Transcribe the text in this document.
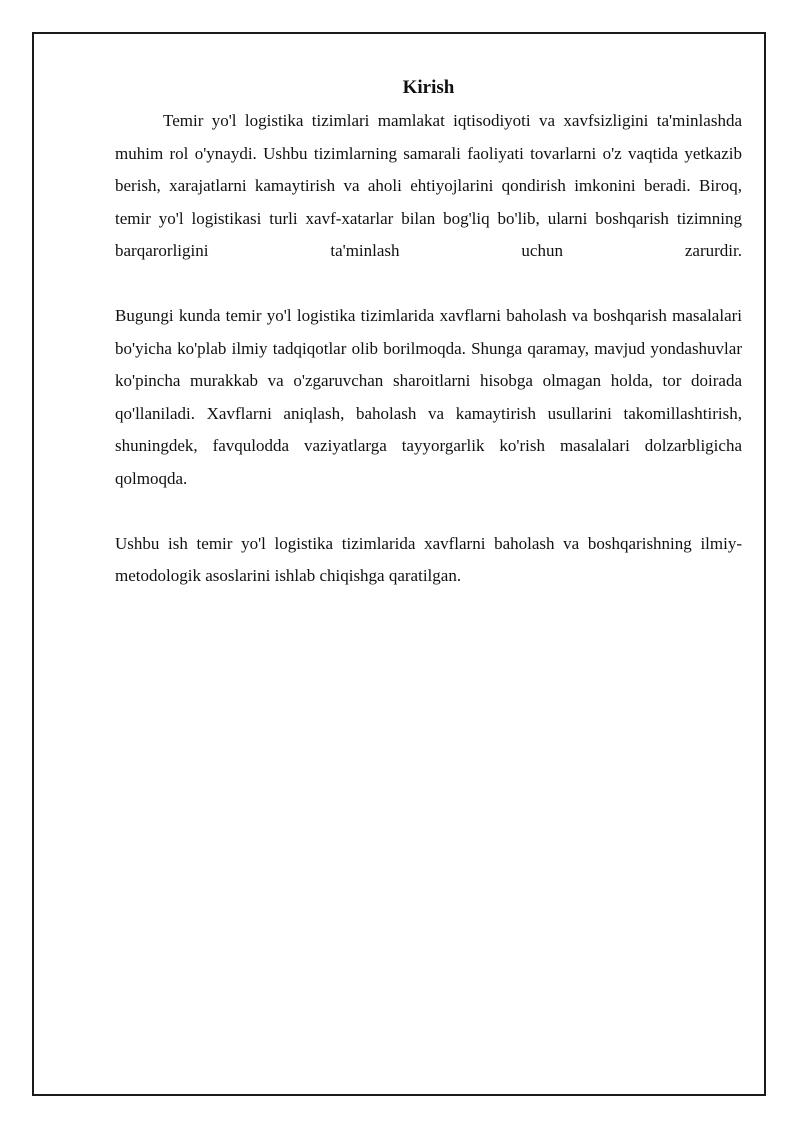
Kirish

Temir yo'l logistika tizimlari mamlakat iqtisodiyoti va xavfsizligini ta'minlashda muhim rol o'ynaydi. Ushbu tizimlarning samarali faoliyati tovarlarni o'z vaqtida yetkazib berish, xarajatlarni kamaytirish va aholi ehtiyojlarini qondirish imkonini beradi. Biroq, temir yo'l logistikasi turli xavf-xatarlar bilan bog'liq bo'lib, ularni boshqarish tizimning barqarorligini ta'minlash uchun zarurdir.

Bugungi kunda temir yo'l logistika tizimlarida xavflarni baholash va boshqarish masalalari bo'yicha ko'plab ilmiy tadqiqotlar olib borilmoqda. Shunga qaramay, mavjud yondashuvlar ko'pincha murakkab va o'zgaruvchan sharoitlarni hisobga olmagan holda, tor doirada qo'llaniladi. Xavflarni aniqlash, baholash va kamaytirish usullarini takomillashtirish, shuningdek, favqulodda vaziyatlarga tayyorgarlik ko'rish masalalari dolzarbligicha qolmoqda.

Ushbu ish temir yo'l logistika tizimlarida xavflarni baholash va boshqarishning ilmiy-metodologik asoslarini ishlab chiqishga qaratilgan.
